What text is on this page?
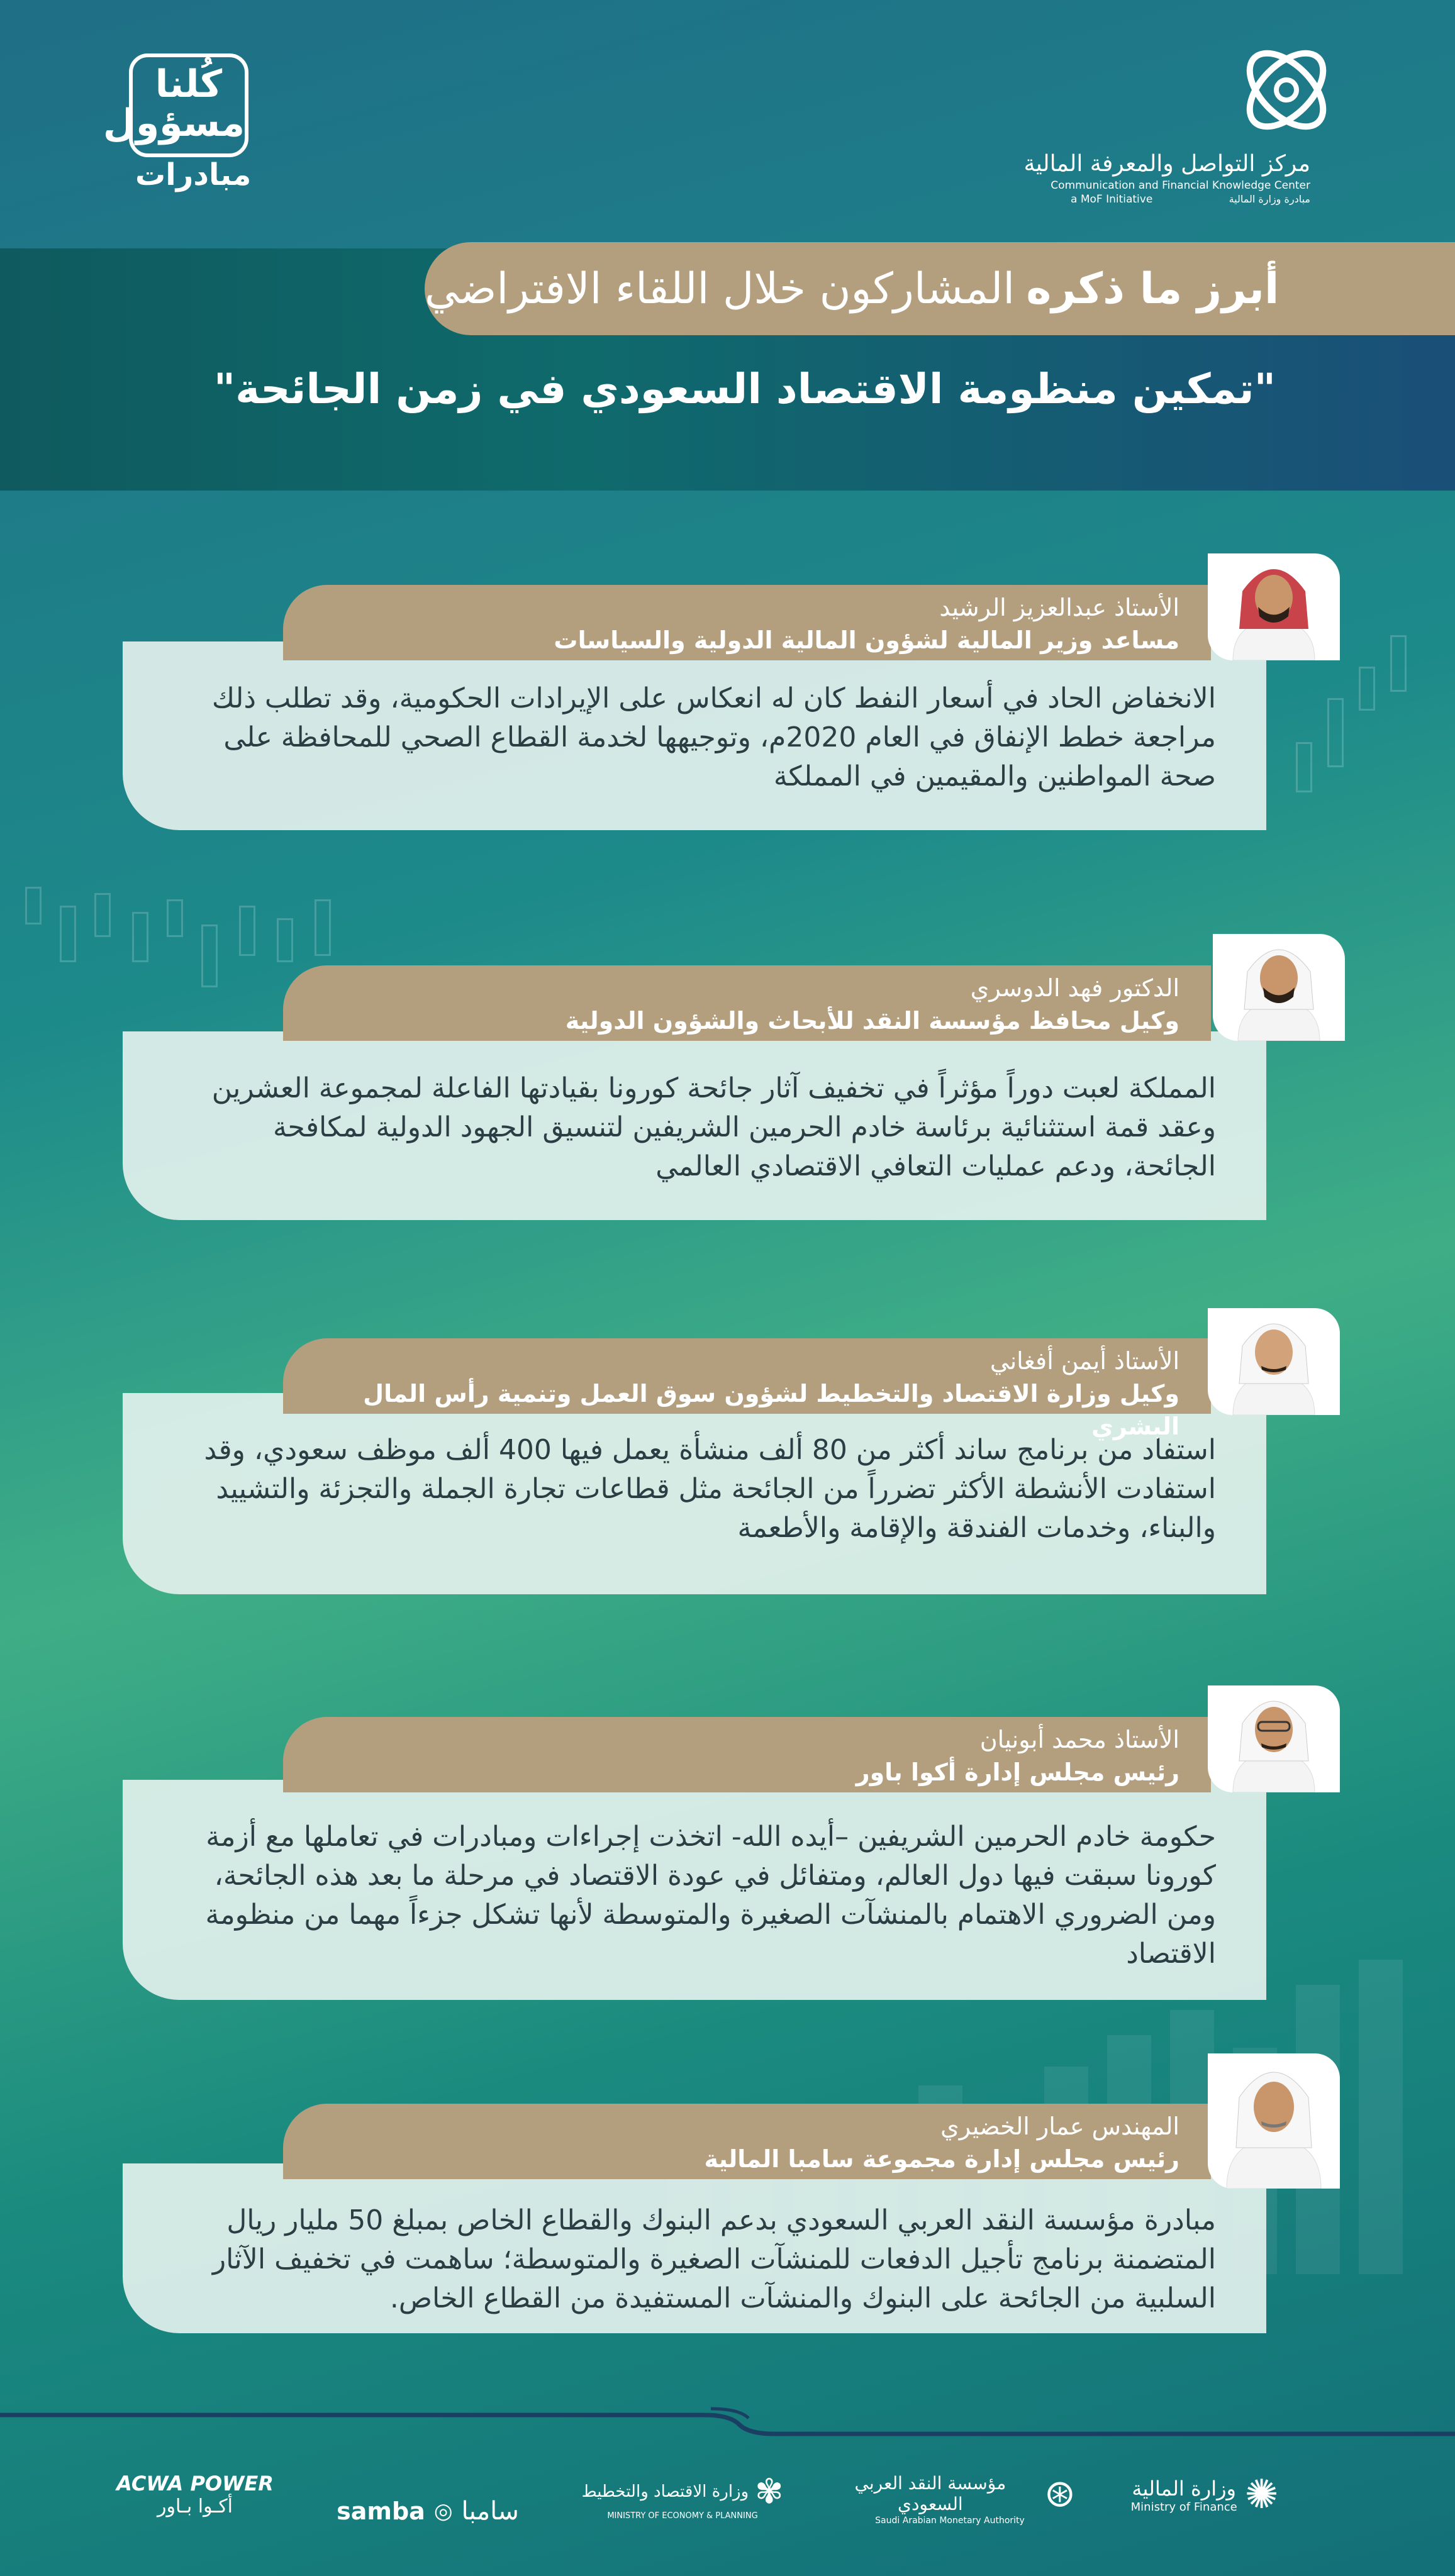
كُلنا
مسؤول
مبادرات	مركز التواصل والمعرفة المالية
Communication and Financial Knowledge Center
a MoF Initiative	مبادرة وزارة المالية
أبرز ما ذكره
المشاركون خلال اللقاء الافتراضي
"تمكين منظومة الاقتصاد السعودي في زمن الجائحة"
الانخفاض الحاد في أسعار النفط كان له انعكاس على الإيرادات الحكومية، وقد تطلب ذلك مراجعة خطط الإنفاق في العام 2020م، وتوجيهها لخدمة القطاع الصحي للمحافظة على صحة المواطنين والمقيمين في المملكة
الأستاذ عبدالعزيز الرشيد
مساعد وزير المالية لشؤون المالية الدولية والسياسات
المملكة لعبت دوراً مؤثراً في تخفيف آثار جائحة كورونا بقيادتها الفاعلة لمجموعة العشرين وعقد قمة استثنائية برئاسة خادم الحرمين الشريفين لتنسيق الجهود الدولية لمكافحة الجائحة، ودعم عمليات التعافي الاقتصادي العالمي
الدكتور فهد الدوسري
وكيل محافظ مؤسسة النقد للأبحاث والشؤون الدولية
استفاد من برنامج ساند أكثر من 80 ألف منشأة يعمل فيها 400 ألف موظف سعودي، وقد استفادت الأنشطة الأكثر تضرراً من الجائحة مثل قطاعات تجارة الجملة والتجزئة والتشييد والبناء، وخدمات الفندقة والإقامة والأطعمة
الأستاذ أيمن أفغاني
وكيل وزارة الاقتصاد والتخطيط لشؤون سوق العمل وتنمية رأس المال البشري
حكومة خادم الحرمين الشريفين –أيده الله- اتخذت إجراءات ومبادرات في تعاملها مع أزمة كورونا سبقت فيها دول العالم، ومتفائل في عودة الاقتصاد في مرحلة ما بعد هذه الجائحة، ومن الضروري الاهتمام بالمنشآت الصغيرة والمتوسطة لأنها تشكل جزءاً مهما من منظومة الاقتصاد
الأستاذ محمد أبونيان
رئيس مجلس إدارة أكوا باور
مبادرة مؤسسة النقد العربي السعودي بدعم البنوك والقطاع الخاص بمبلغ 50 مليار ريال المتضمنة برنامج تأجيل الدفعات للمنشآت الصغيرة والمتوسطة؛ ساهمت في تخفيف الآثار السلبية من الجائحة على البنوك والمنشآت المستفيدة من القطاع الخاص.
المهندس عمار الخضيري
رئيس مجلس إدارة مجموعة سامبا المالية
ACWA POWER
أكـوا بـاور	samba ◎ سامبا
وزارة الاقتصاد والتخطيط ✾
MINISTRY OF ECONOMY & PLANNING
مؤسسة النقد العربي السعودي	⊛
Saudi Arabian Monetary Authority
وزارة المالية
Ministry of Finance ✺
